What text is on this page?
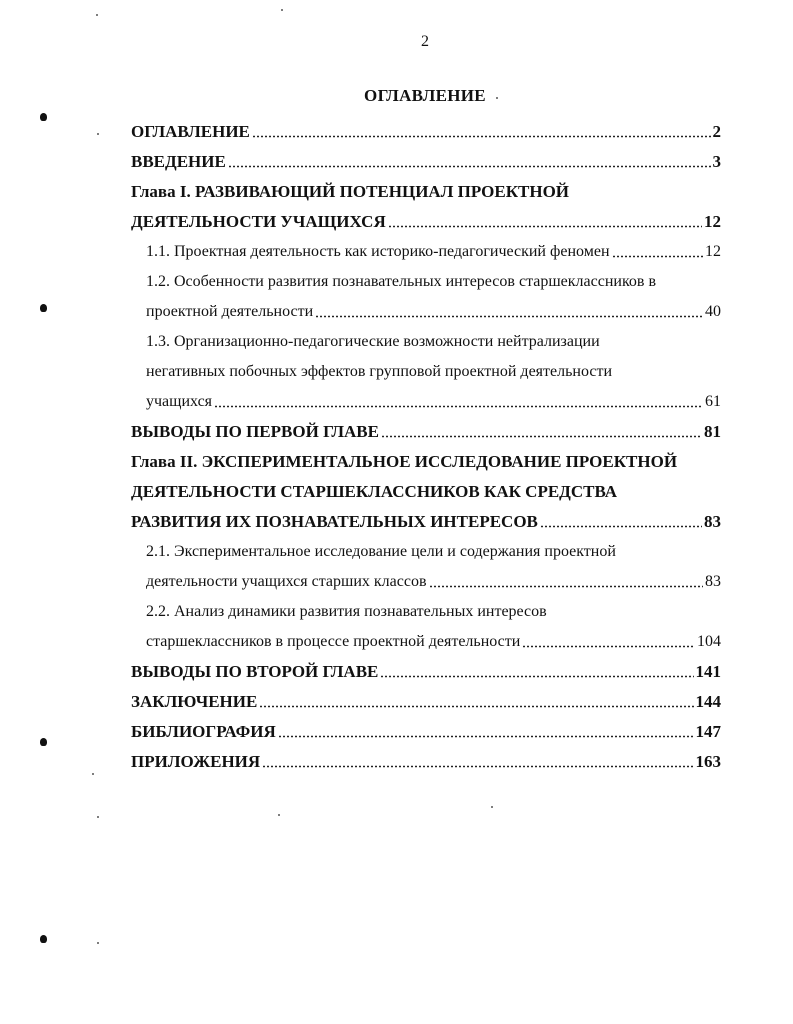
2
ОГЛАВЛЕНИЕ
ОГЛАВЛЕНИЕ	2
ВВЕДЕНИЕ	3
Глава I. РАЗВИВАЮЩИЙ ПОТЕНЦИАЛ ПРОЕКТНОЙ
ДЕЯТЕЛЬНОСТИ УЧАЩИХСЯ	12
1.1. Проектная деятельность как историко-педагогический феномен	12
1.2. Особенности развития познавательных интересов старшеклассников в
проектной деятельности	40
1.3. Организационно-педагогические возможности нейтрализации
негативных побочных эффектов групповой проектной деятельности
учащихся	61
ВЫВОДЫ ПО ПЕРВОЙ ГЛАВЕ	81
Глава II. ЭКСПЕРИМЕНТАЛЬНОЕ ИССЛЕДОВАНИЕ ПРОЕКТНОЙ
ДЕЯТЕЛЬНОСТИ СТАРШЕКЛАССНИКОВ КАК СРЕДСТВА
РАЗВИТИЯ ИХ ПОЗНАВАТЕЛЬНЫХ ИНТЕРЕСОВ	83
2.1. Экспериментальное исследование цели и содержания проектной
деятельности учащихся старших классов	83
2.2. Анализ динамики развития познавательных интересов
старшеклассников в процессе проектной деятельности	104
ВЫВОДЫ ПО ВТОРОЙ ГЛАВЕ	141
ЗАКЛЮЧЕНИЕ	144
БИБЛИОГРАФИЯ	147
ПРИЛОЖЕНИЯ	163
